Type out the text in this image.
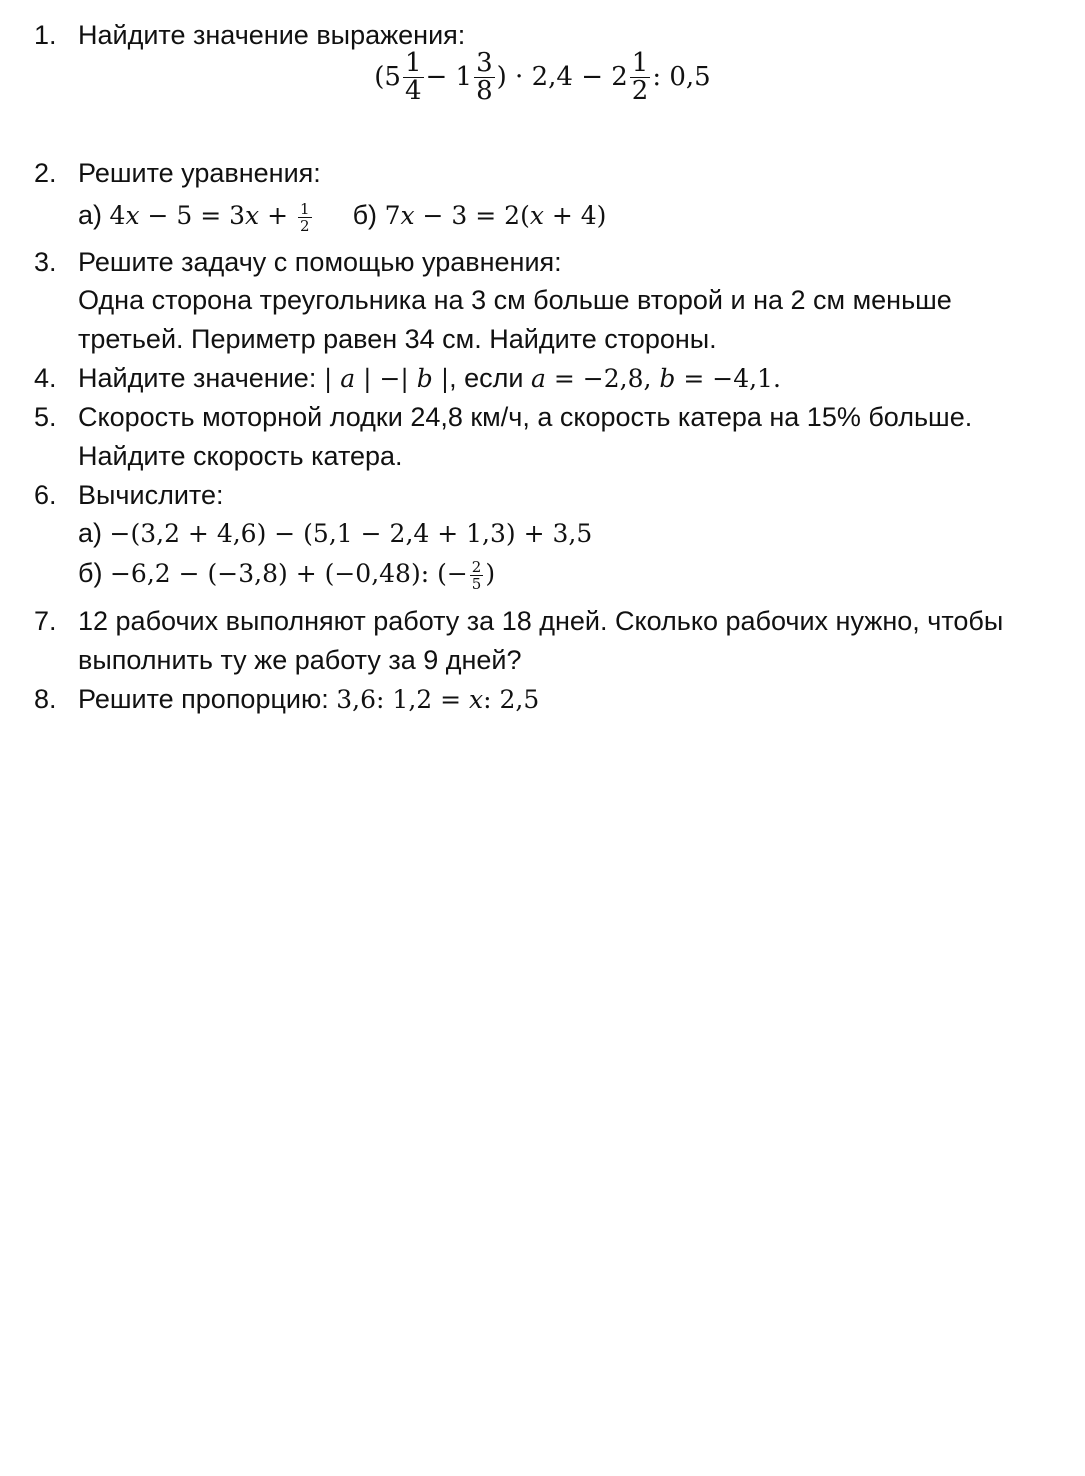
1. Найдите значение выражения:
($5 \frac{1}{4} - 1 \frac{3}{8}$ ) · $2,4 - 2 \frac{1}{2}$ : 0,5
2. Решите уравнения:
а) $4x - 5 = 3x + \frac{1}{2} б$) 7x − 3 = 2(x + 4)
3. Решите задачу с помощью уравнения:
Одна сторона треугольника на 3 см больше второй и на 2 см меньше
третьей. Периметр равен 34 см. Найдите стороны.
4. Найдите значение: | a | −| b |, если a = −2,8, b = −4,1.
5. Скорость моторной лодки 24,8 км/ч, а скорость катера на 15% больше.
Найдите скорость катера.
6. Вычислите:
а) −(3,2 + 4,6) − (5,1 − 2,4 + 1,3) + 3,5
б) −6,2 − (−3,8) + (−0,48): (− $\frac{2}{5}$ )
7. 12 рабочих выполняют работу за 18 дней. Сколько рабочих нужно, чтобы
выполнить ту же работу за 9 дней?
8. Решите пропорцию: 3,6: 1,2 = x: 2,5
